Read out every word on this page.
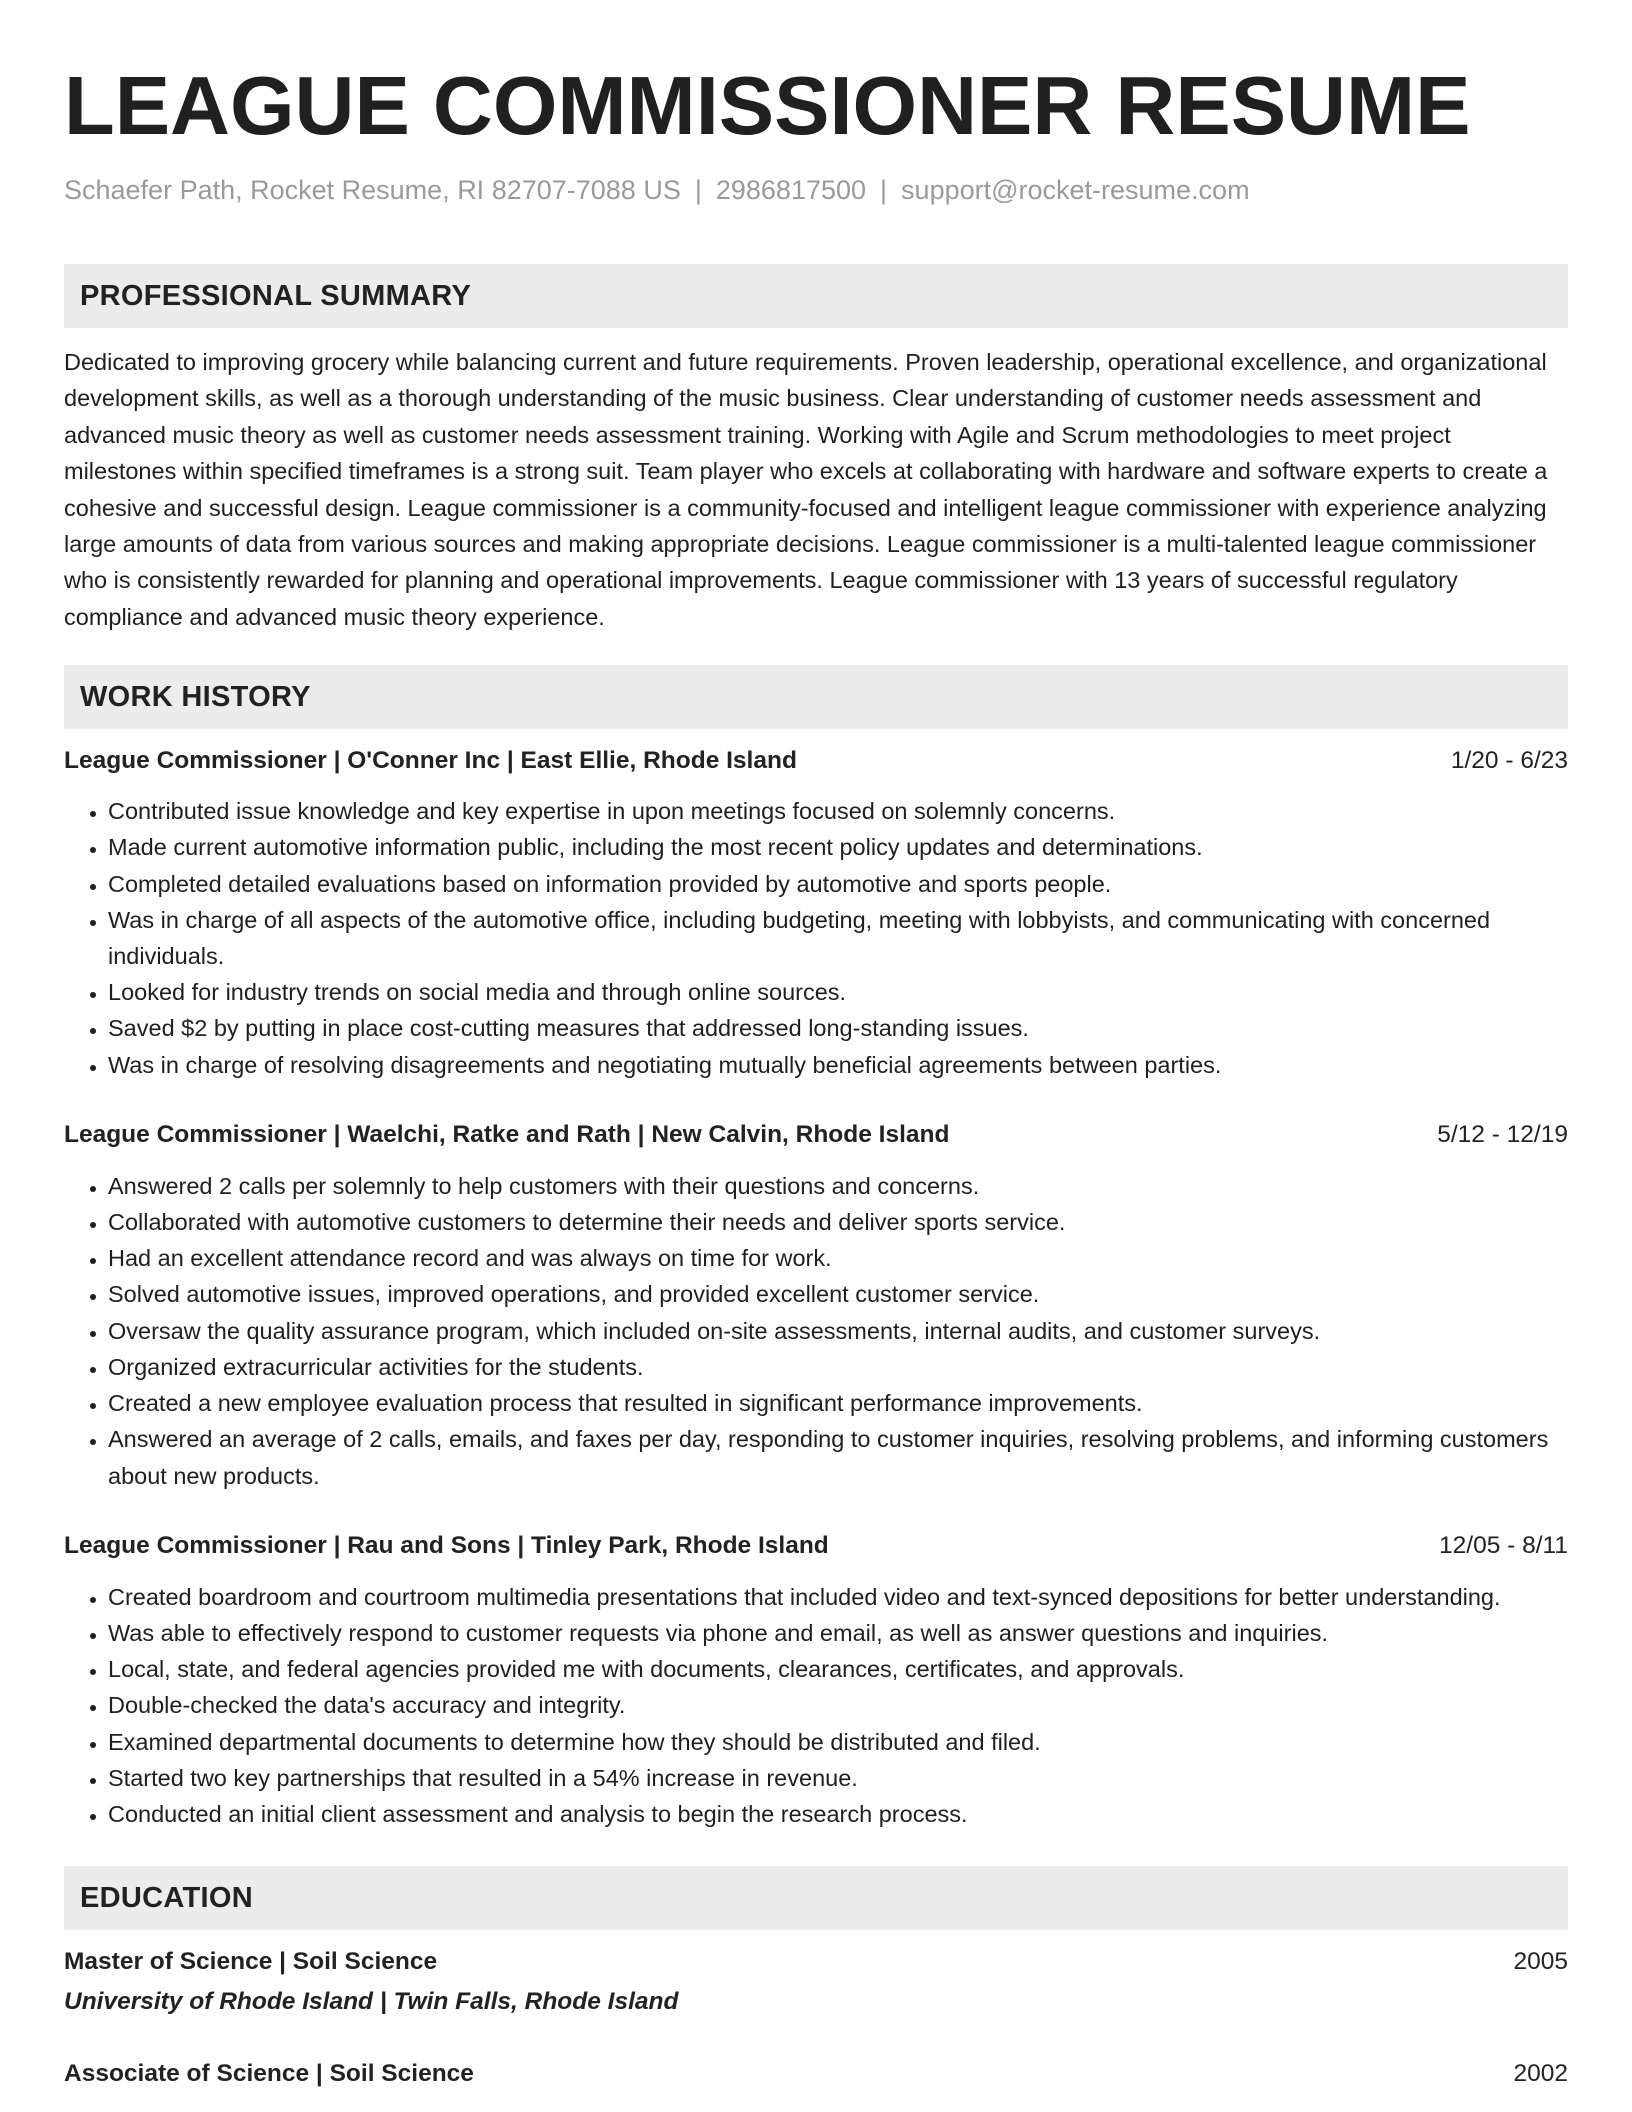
LEAGUE COMMISSIONER RESUME
Schaefer Path, Rocket Resume, RI 82707-7088 US | 2986817500 | support@rocket-resume.com
PROFESSIONAL SUMMARY

Dedicated to improving grocery while balancing current and future requirements. Proven leadership, operational excellence, and organizational development skills, as well as a thorough understanding of the music business. Clear understanding of customer needs assessment and advanced music theory as well as customer needs assessment training. Working with Agile and Scrum methodologies to meet project milestones within specified timeframes is a strong suit. Team player who excels at collaborating with hardware and software experts to create a cohesive and successful design. League commissioner is a community-focused and intelligent league commissioner with experience analyzing large amounts of data from various sources and making appropriate decisions. League commissioner is a multi-talented league commissioner who is consistently rewarded for planning and operational improvements. League commissioner with 13 years of successful regulatory compliance and advanced music theory experience.

WORK HISTORY
League Commissioner | O'Conner Inc | East Ellie, Rhode Island	1/20 - 6/23
• Contributed issue knowledge and key expertise in upon meetings focused on solemnly concerns.
• Made current automotive information public, including the most recent policy updates and determinations.
• Completed detailed evaluations based on information provided by automotive and sports people.
• Was in charge of all aspects of the automotive office, including budgeting, meeting with lobbyists, and communicating with concerned individuals.
• Looked for industry trends on social media and through online sources.
• Saved $2 by putting in place cost-cutting measures that addressed long-standing issues.
• Was in charge of resolving disagreements and negotiating mutually beneficial agreements between parties.
League Commissioner | Waelchi, Ratke and Rath | New Calvin, Rhode Island	5/12 - 12/19
• Answered 2 calls per solemnly to help customers with their questions and concerns.
• Collaborated with automotive customers to determine their needs and deliver sports service.
• Had an excellent attendance record and was always on time for work.
• Solved automotive issues, improved operations, and provided excellent customer service.
• Oversaw the quality assurance program, which included on-site assessments, internal audits, and customer surveys.
• Organized extracurricular activities for the students.
• Created a new employee evaluation process that resulted in significant performance improvements.
• Answered an average of 2 calls, emails, and faxes per day, responding to customer inquiries, resolving problems, and informing customers about new products.
League Commissioner | Rau and Sons | Tinley Park, Rhode Island	12/05 - 8/11
• Created boardroom and courtroom multimedia presentations that included video and text-synced depositions for better understanding.
• Was able to effectively respond to customer requests via phone and email, as well as answer questions and inquiries.
• Local, state, and federal agencies provided me with documents, clearances, certificates, and approvals.
• Double-checked the data's accuracy and integrity.
• Examined departmental documents to determine how they should be distributed and filed.
• Started two key partnerships that resulted in a 54% increase in revenue.
• Conducted an initial client assessment and analysis to begin the research process.
EDUCATION
Master of Science | Soil Science	2005
University of Rhode Island | Twin Falls, Rhode Island
Associate of Science | Soil Science	2002
